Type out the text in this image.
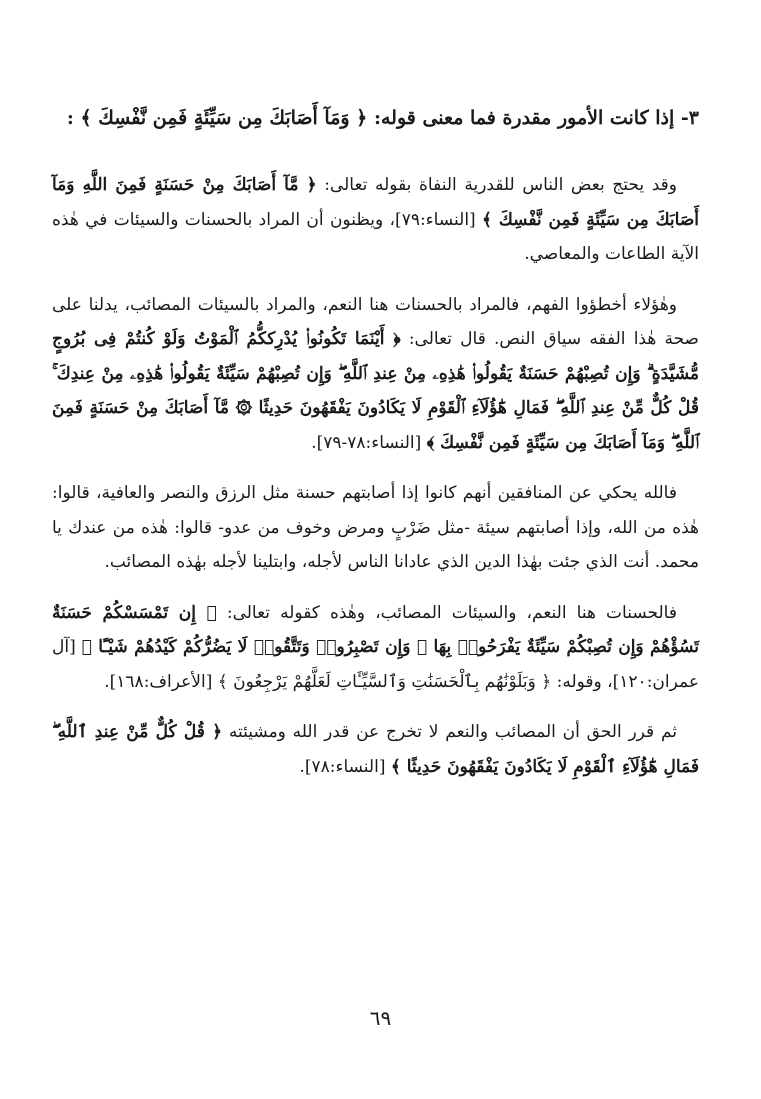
٣- إذا كانت الأمور مقدرة فما معنى قوله: ﴿ وَمَآ أَصَابَكَ مِن سَيِّئَةٍ فَمِن نَّفْسِكَ ﴾ :

وقد يحتج بعض الناس للقدرية النفاة بقوله تعالى: ﴿ مَّآ أَصَابَكَ مِنْ حَسَنَةٍ فَمِنَ اللَّهِ وَمَآ أَصَابَكَ مِن سَيِّئَةٍ فَمِن نَّفْسِكَ ﴾ [النساء:٧٩]، ويظنون أن المراد بالحسنات والسيئات في هٰذه الآية الطاعات والمعاصي.

وهٰؤلاء أخطؤوا الفهم، فالمراد بالحسنات هنا النعم، والمراد بالسيئات المصائب، يدلنا على صحة هٰذا الفقه سياق النص. قال تعالى: ﴿ أَيْنَمَا تَكُونُوا۟ يُدْرِككُّمُ ٱلْمَوْتُ وَلَوْ كُنتُمْ فِى بُرُوجٍ مُّشَيَّدَةٍ ۗ وَإِن تُصِبْهُمْ حَسَنَةٌ يَقُولُوا۟ هَٰذِهِۦ مِنْ عِندِ ٱللَّهِ ۖ وَإِن تُصِبْهُمْ سَيِّئَةٌ يَقُولُوا۟ هَٰذِهِۦ مِنْ عِندِكَ ۚ قُلْ كُلٌّ مِّنْ عِندِ ٱللَّهِ ۖ فَمَالِ هَٰٓؤُلَآءِ ٱلْقَوْمِ لَا يَكَادُونَ يَفْقَهُونَ حَدِيثًا ۞ مَّآ أَصَابَكَ مِنْ حَسَنَةٍ فَمِنَ ٱللَّهِ ۖ وَمَآ أَصَابَكَ مِن سَيِّئَةٍ فَمِن نَّفْسِكَ ﴾ [النساء:٧٨-٧٩].

فالله يحكي عن المنافقين أنهم كانوا إذا أصابتهم حسنة مثل الرزق والنصر والعافية، قالوا: هٰذه من الله، وإذا أصابتهم سيئة -مثل ضَرْبٍ ومرض وخوف من عدو- قالوا: هٰذه من عندك يا محمد. أنت الذي جئت بهٰذا الدين الذي عادانا الناس لأجله، وابتلينا لأجله بهٰذه المصائب.

فالحسنات هنا النعم، والسيئات المصائب، وهٰذه كقوله تعالى: ﴿ إِن تَمْسَسْكُمْ حَسَنَةٌ تَسُؤْهُمْ وَإِن تُصِبْكُمْ سَيِّئَةٌ يَفْرَحُوا۟ بِهَا ۖ وَإِن تَصْبِرُوا۟ وَتَتَّقُوا۟ لَا يَضُرُّكُمْ كَيْدُهُمْ شَيْـًٔا ﴾ [آل عمران:١٢٠]، وقوله: ﴿ وَبَلَوْنَٰهُم بِٱلْحَسَنَٰتِ وَٱلسَّيِّـَٔاتِ لَعَلَّهُمْ يَرْجِعُونَ ﴾ [الأعراف:١٦٨].

ثم قرر الحق أن المصائب والنعم لا تخرج عن قدر الله ومشيئته ﴿ قُلْ كُلٌّ مِّنْ عِندِ ٱللَّهِ ۖ فَمَالِ هَٰٓؤُلَآءِ ٱلْقَوْمِ لَا يَكَادُونَ يَفْقَهُونَ حَدِيثًا ﴾ [النساء:٧٨].

٦٩
